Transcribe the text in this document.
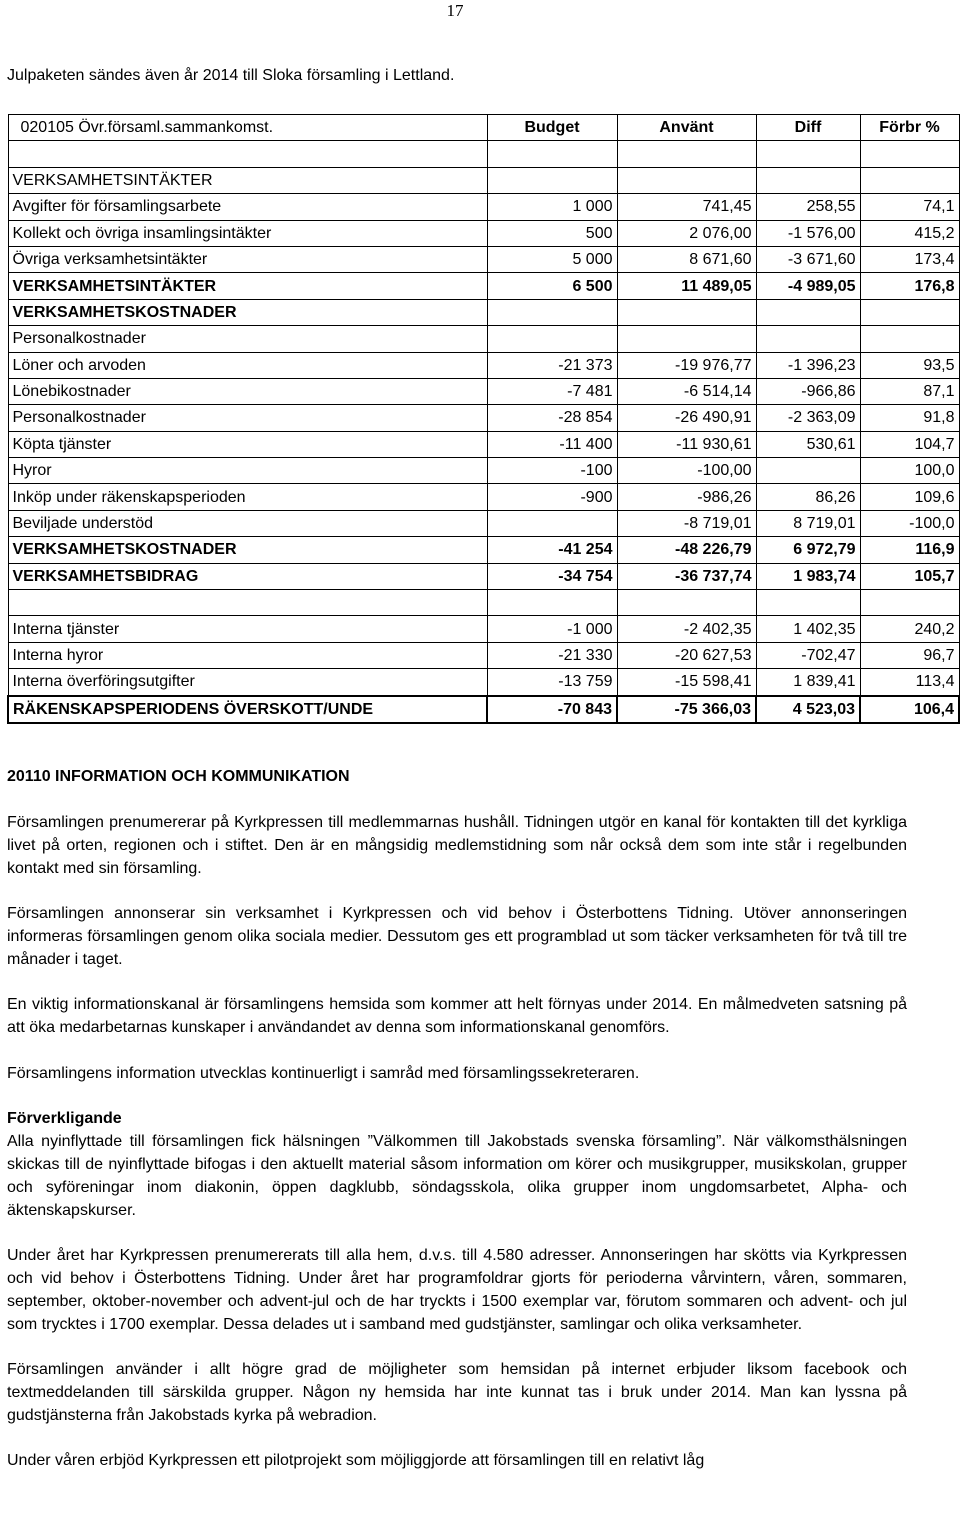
17
Julpaketen sändes även år 2014 till Sloka församling i Lettland.
020105 Övr.församl.sammankomst.	Budget	Använt	Diff	Förbr %

VERKSAMHETSINTÄKTER				
Avgifter för församlingsarbete	1 000	741,45	258,55	74,1
Kollekt och övriga insamlingsintäkter	500	2 076,00	-1 576,00	415,2
Övriga verksamhetsintäkter	5 000	8 671,60	-3 671,60	173,4
VERKSAMHETSINTÄKTER	6 500	11 489,05	-4 989,05	176,8
VERKSAMHETSKOSTNADER				
Personalkostnader				
Löner och arvoden	-21 373	-19 976,77	-1 396,23	93,5
Lönebikostnader	-7 481	-6 514,14	-966,86	87,1
Personalkostnader	-28 854	-26 490,91	-2 363,09	91,8
Köpta tjänster	-11 400	-11 930,61	530,61	104,7
Hyror	-100	-100,00		100,0
Inköp under räkenskapsperioden	-900	-986,26	86,26	109,6
Beviljade understöd		-8 719,01	8 719,01	-100,0
VERKSAMHETSKOSTNADER	-41 254	-48 226,79	6 972,79	116,9
VERKSAMHETSBIDRAG	-34 754	-36 737,74	1 983,74	105,7

Interna tjänster	-1 000	-2 402,35	1 402,35	240,2
Interna hyror	-21 330	-20 627,53	-702,47	96,7
Interna överföringsutgifter	-13 759	-15 598,41	1 839,41	113,4
RÄKENSKAPSPERIODENS ÖVERSKOTT/UNDE	-70 843	-75 366,03	4 523,03	106,4
20110 INFORMATION OCH KOMMUNIKATION

Församlingen prenumererar på Kyrkpressen till medlemmarnas hushåll. Tidningen utgör en kanal för kontakten till det kyrkliga livet på orten, regionen och i stiftet. Den är en mångsidig medlemstidning som når också dem som inte står i regelbunden kontakt med sin församling.

Församlingen annonserar sin verksamhet i Kyrkpressen och vid behov i Österbottens Tidning. Utöver annonseringen informeras församlingen genom olika sociala medier. Dessutom ges ett programblad ut som täcker verksamheten för två till tre månader i taget.

En viktig informationskanal är församlingens hemsida som kommer att helt förnyas under 2014. En målmedveten satsning på att öka medarbetarnas kunskaper i användandet av denna som informationskanal genomförs.

Församlingens information utvecklas kontinuerligt i samråd med församlingssekreteraren.

Förverkligande

Alla nyinflyttade till församlingen fick hälsningen ”Välkommen till Jakobstads svenska församling”. När välkomsthälsningen skickas till de nyinflyttade bifogas i den aktuellt material såsom information om körer och musikgrupper, musikskolan, grupper och syföreningar inom diakonin, öppen dagklubb, söndagsskola, olika grupper inom ungdomsarbetet, Alpha- och äktenskapskurser.

Under året har Kyrkpressen prenumererats till alla hem, d.v.s. till 4.580 adresser. Annonseringen har skötts via Kyrkpressen och vid behov i Österbottens Tidning. Under året har programfoldrar gjorts för perioderna vårvintern, våren, sommaren, september, oktober-november och advent-jul och de har tryckts i 1500 exemplar var, förutom sommaren och advent- och jul som trycktes i 1700 exemplar. Dessa delades ut i samband med gudstjänster, samlingar och olika verksamheter.

Församlingen använder i allt högre grad de möjligheter som hemsidan på internet erbjuder liksom facebook och textmeddelanden till särskilda grupper. Någon ny hemsida har inte kunnat tas i bruk under 2014. Man kan lyssna på gudstjänsterna från Jakobstads kyrka på webradion.

Under våren erbjöd Kyrkpressen ett pilotprojekt som möjliggjorde att församlingen till en relativt låg
